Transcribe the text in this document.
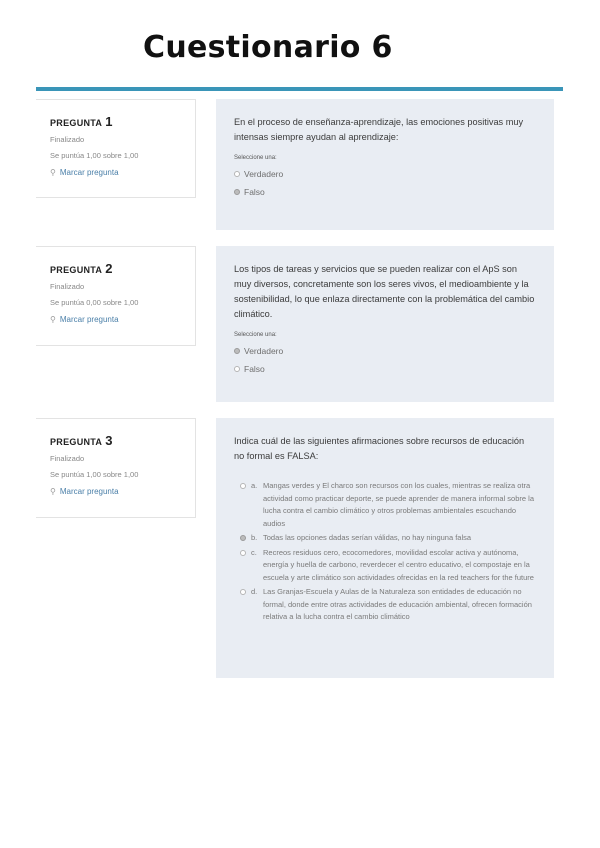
Cuestionario 6
PREGUNTA 1
Finalizado
Se puntúa 1,00 sobre 1,00
⚲ Marcar pregunta
En el proceso de enseñanza-aprendizaje, las emociones positivas muy intensas siempre ayudan al aprendizaje:
Seleccione una:
Verdadero
Falso
PREGUNTA 2
Finalizado
Se puntúa 0,00 sobre 1,00
⚲ Marcar pregunta
Los tipos de tareas y servicios que se pueden realizar con el ApS son muy diversos, concretamente son los seres vivos, el medioambiente y la sostenibilidad, lo que enlaza directamente con la problemática del cambio climático.
Seleccione una:
Verdadero
Falso
PREGUNTA 3
Finalizado
Se puntúa 1,00 sobre 1,00
⚲ Marcar pregunta
Indica cuál de las siguientes afirmaciones sobre recursos de educación no formal es FALSA:
a. Mangas verdes y El charco son recursos con los cuales, mientras se realiza otra actividad como practicar deporte, se puede aprender de manera informal sobre la lucha contra el cambio climático y otros problemas ambientales escuchando audios
b. Todas las opciones dadas serían válidas, no hay ninguna falsa
c. Recreos residuos cero, ecocomedores, movilidad escolar activa y autónoma, energía y huella de carbono, reverdecer el centro educativo, el compostaje en la escuela y arte climático son actividades ofrecidas en la red teachers for the future
d. Las Granjas-Escuela y Aulas de la Naturaleza son entidades de educación no formal, donde entre otras actividades de educación ambiental, ofrecen formación relativa a la lucha contra el cambio climático
